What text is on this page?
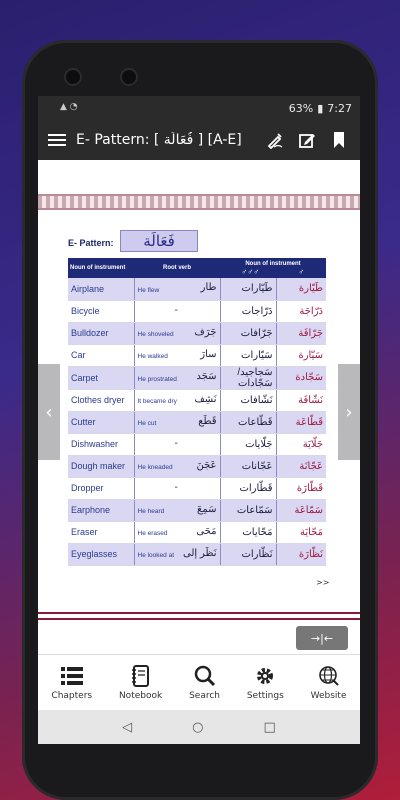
▲ ◔	63% ▮ 7:27
E- Pattern: [ فُعَالَة ] [A-E]
E- Pattern:	فَعَالَة
Noun of instrument	Root verb	Noun of instrument
♂♂♂ ♂	

Airplane	He flew طار	طَيّارات	طَيّارة
Bicycle	-	دَرّاجات	دَرّاجَة
Bulldozer	He shoveled جَرَف	جَرّافات	جَرّافَة
Car	He walked سارَ	سَيّارات	سَيّارة
Carpet	He prostrated سَجَد	سَجاجيد/ سَجّادات	سَجّادة
Clothes dryer	It became dry نَشِف	نَشّافات	نَشّافَة
Cutter	He cut قَطَع	قَطّاعات	قَطّاعَة
Dishwasher	-	جَلّايات	جَلّايَة
Dough maker	He kneaded عَجَنَ	عَجّانات	عَجّانَة
Dropper	-	قَطّارات	قَطّارَة
Earphone	He heard سَمِعَ	سَمّاعات	سَمّاعَة
Eraser	He erased مَحَى	مَحّايات	مَحّايَة
Eyeglasses	He looked at نَظَر إلى	نَظّارات	نَظّارَة
>>
‹	›
→|←
Chapters	Notebook	Search	Settings	Website
◁	○	□
